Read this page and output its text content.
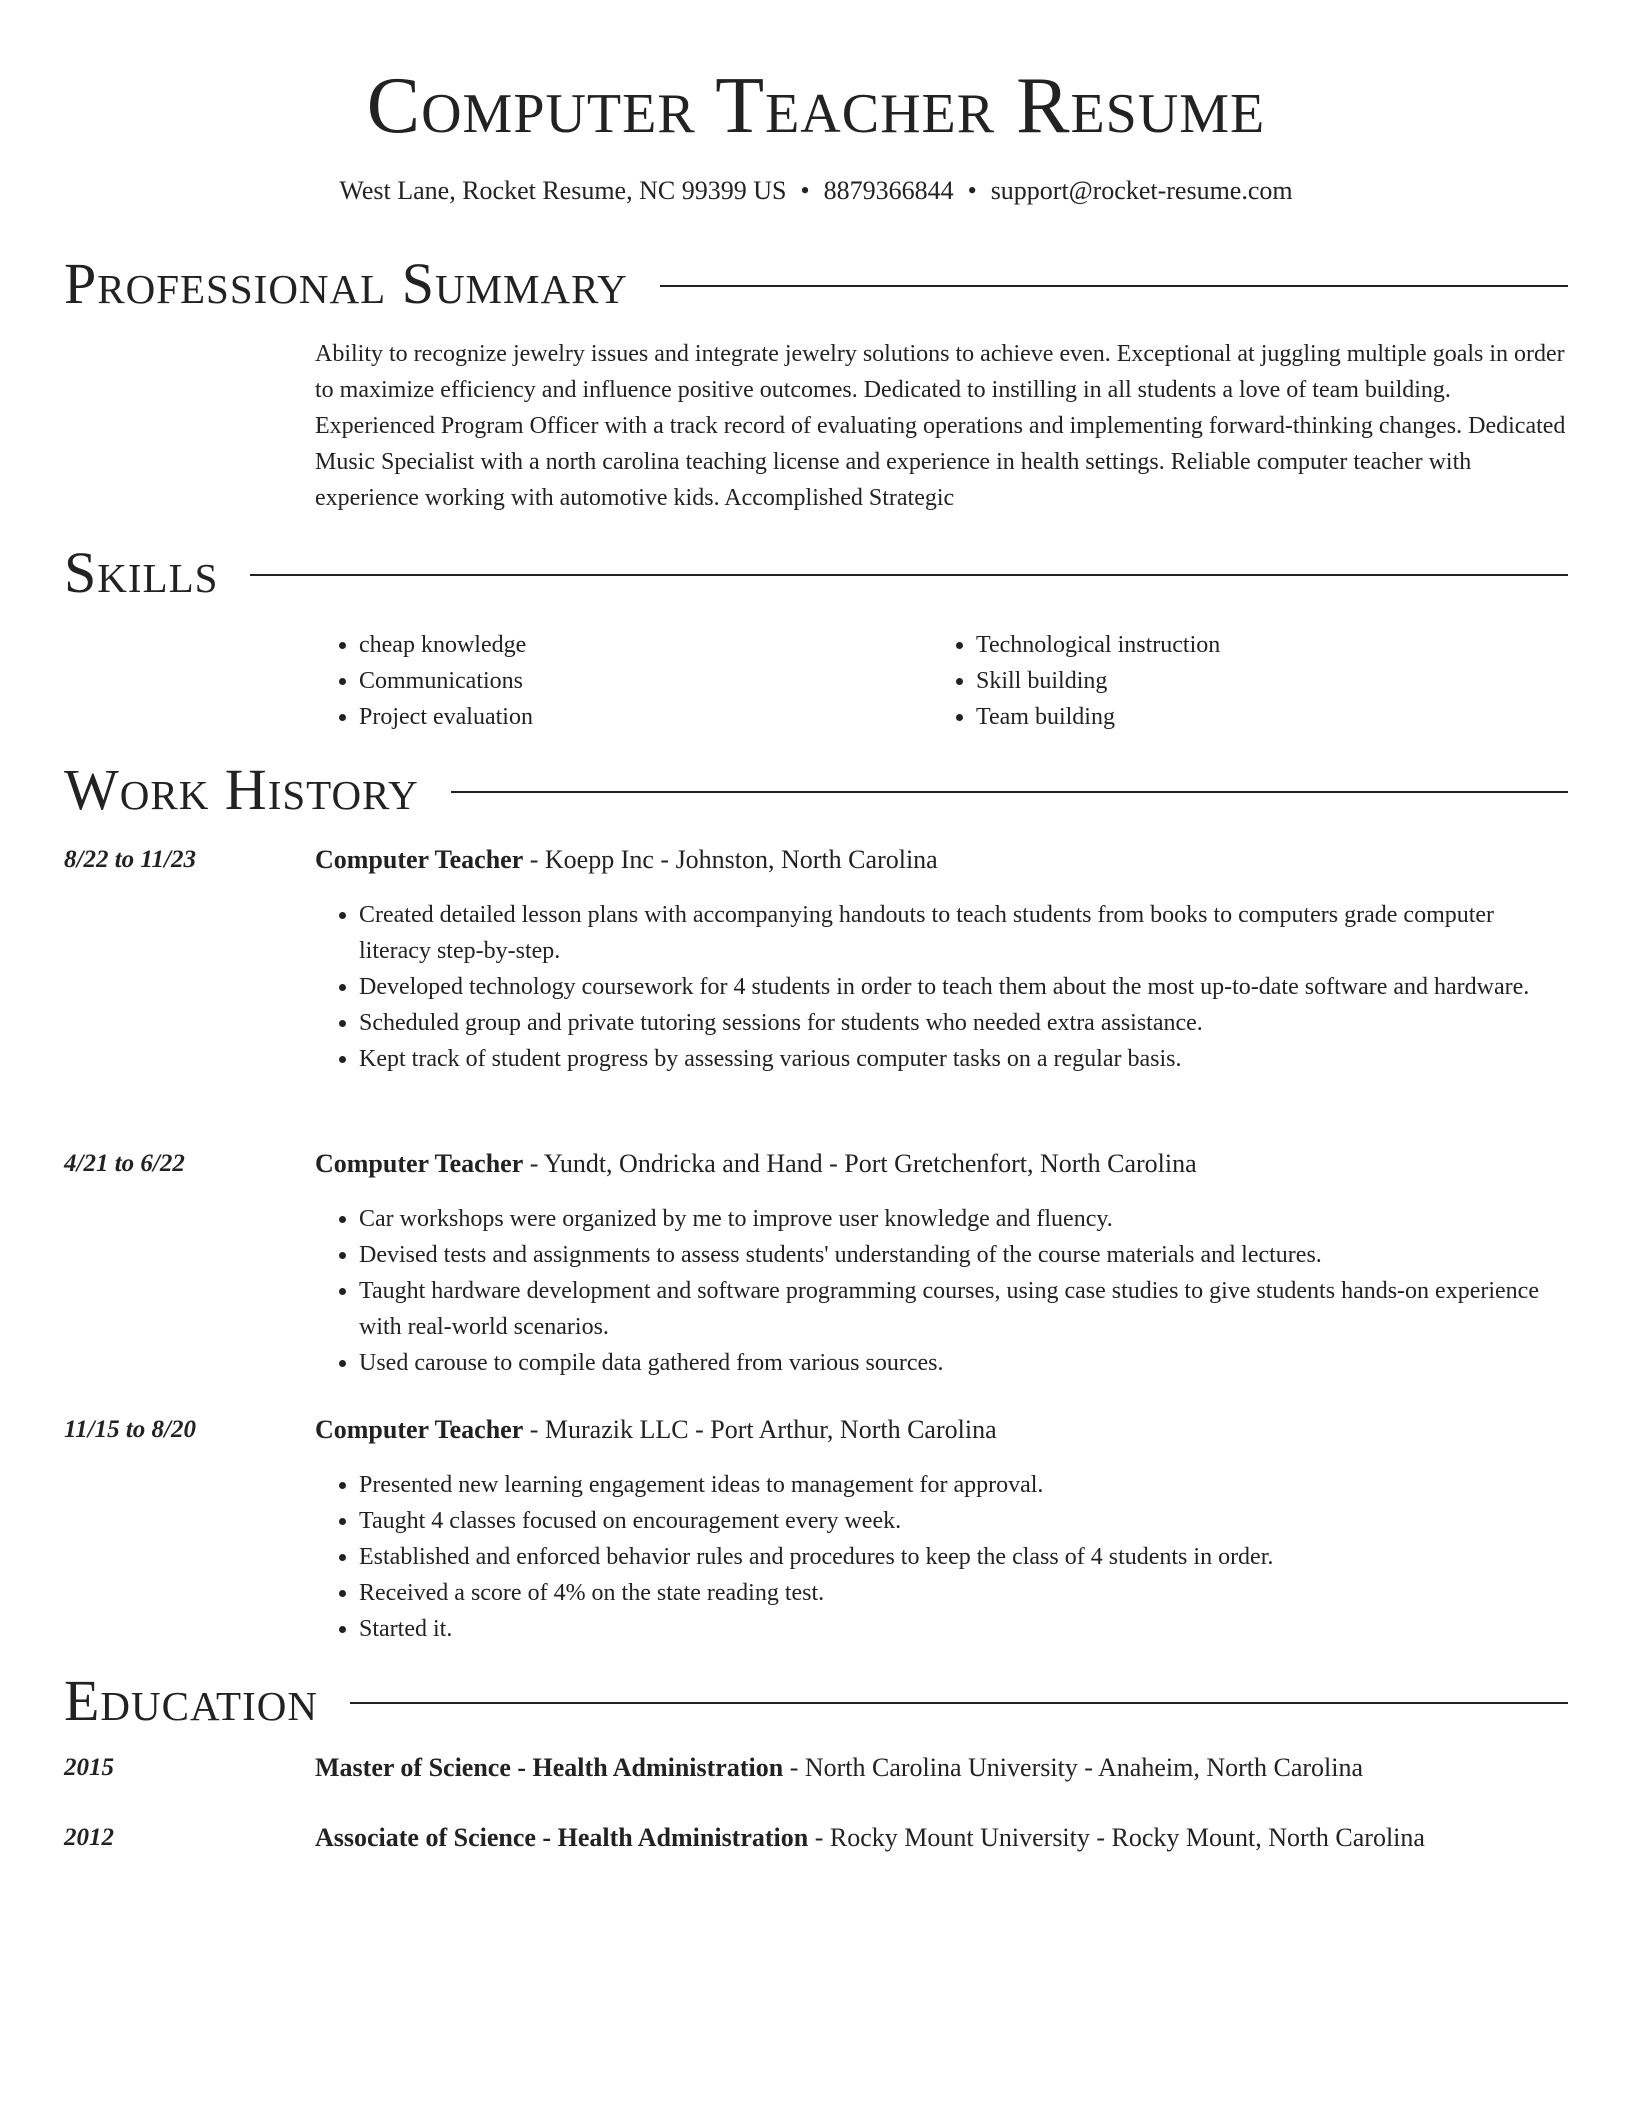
Computer Teacher Resume
West Lane, Rocket Resume, NC 99399 US • 8879366844 • support@rocket-resume.com
Professional Summary

Ability to recognize jewelry issues and integrate jewelry solutions to achieve even. Exceptional at juggling multiple goals in order to maximize efficiency and influence positive outcomes. Dedicated to instilling in all students a love of team building. Experienced Program Officer with a track record of evaluating operations and implementing forward-thinking changes. Dedicated Music Specialist with a north carolina teaching license and experience in health settings. Reliable computer teacher with experience working with automotive kids. Accomplished Strategic

Skills
• cheap knowledge
• Communications
• Project evaluation
• Technological instruction
• Skill building
• Team building
Work History
8/22 to 11/23	Computer Teacher - Koepp Inc - Johnston, North Carolina
• Created detailed lesson plans with accompanying handouts to teach students from books to computers grade computer literacy step-by-step.
• Developed technology coursework for 4 students in order to teach them about the most up-to-date software and hardware.
• Scheduled group and private tutoring sessions for students who needed extra assistance.
• Kept track of student progress by assessing various computer tasks on a regular basis.
4/21 to 6/22	Computer Teacher - Yundt, Ondricka and Hand - Port Gretchenfort, North Carolina
• Car workshops were organized by me to improve user knowledge and fluency.
• Devised tests and assignments to assess students' understanding of the course materials and lectures.
• Taught hardware development and software programming courses, using case studies to give students hands-on experience with real-world scenarios.
• Used carouse to compile data gathered from various sources.
11/15 to 8/20	Computer Teacher - Murazik LLC - Port Arthur, North Carolina
• Presented new learning engagement ideas to management for approval.
• Taught 4 classes focused on encouragement every week.
• Established and enforced behavior rules and procedures to keep the class of 4 students in order.
• Received a score of 4% on the state reading test.
• Started it.
Education
2015	Master of Science - Health Administration - North Carolina University - Anaheim, North Carolina
2012	Associate of Science - Health Administration - Rocky Mount University - Rocky Mount, North Carolina
